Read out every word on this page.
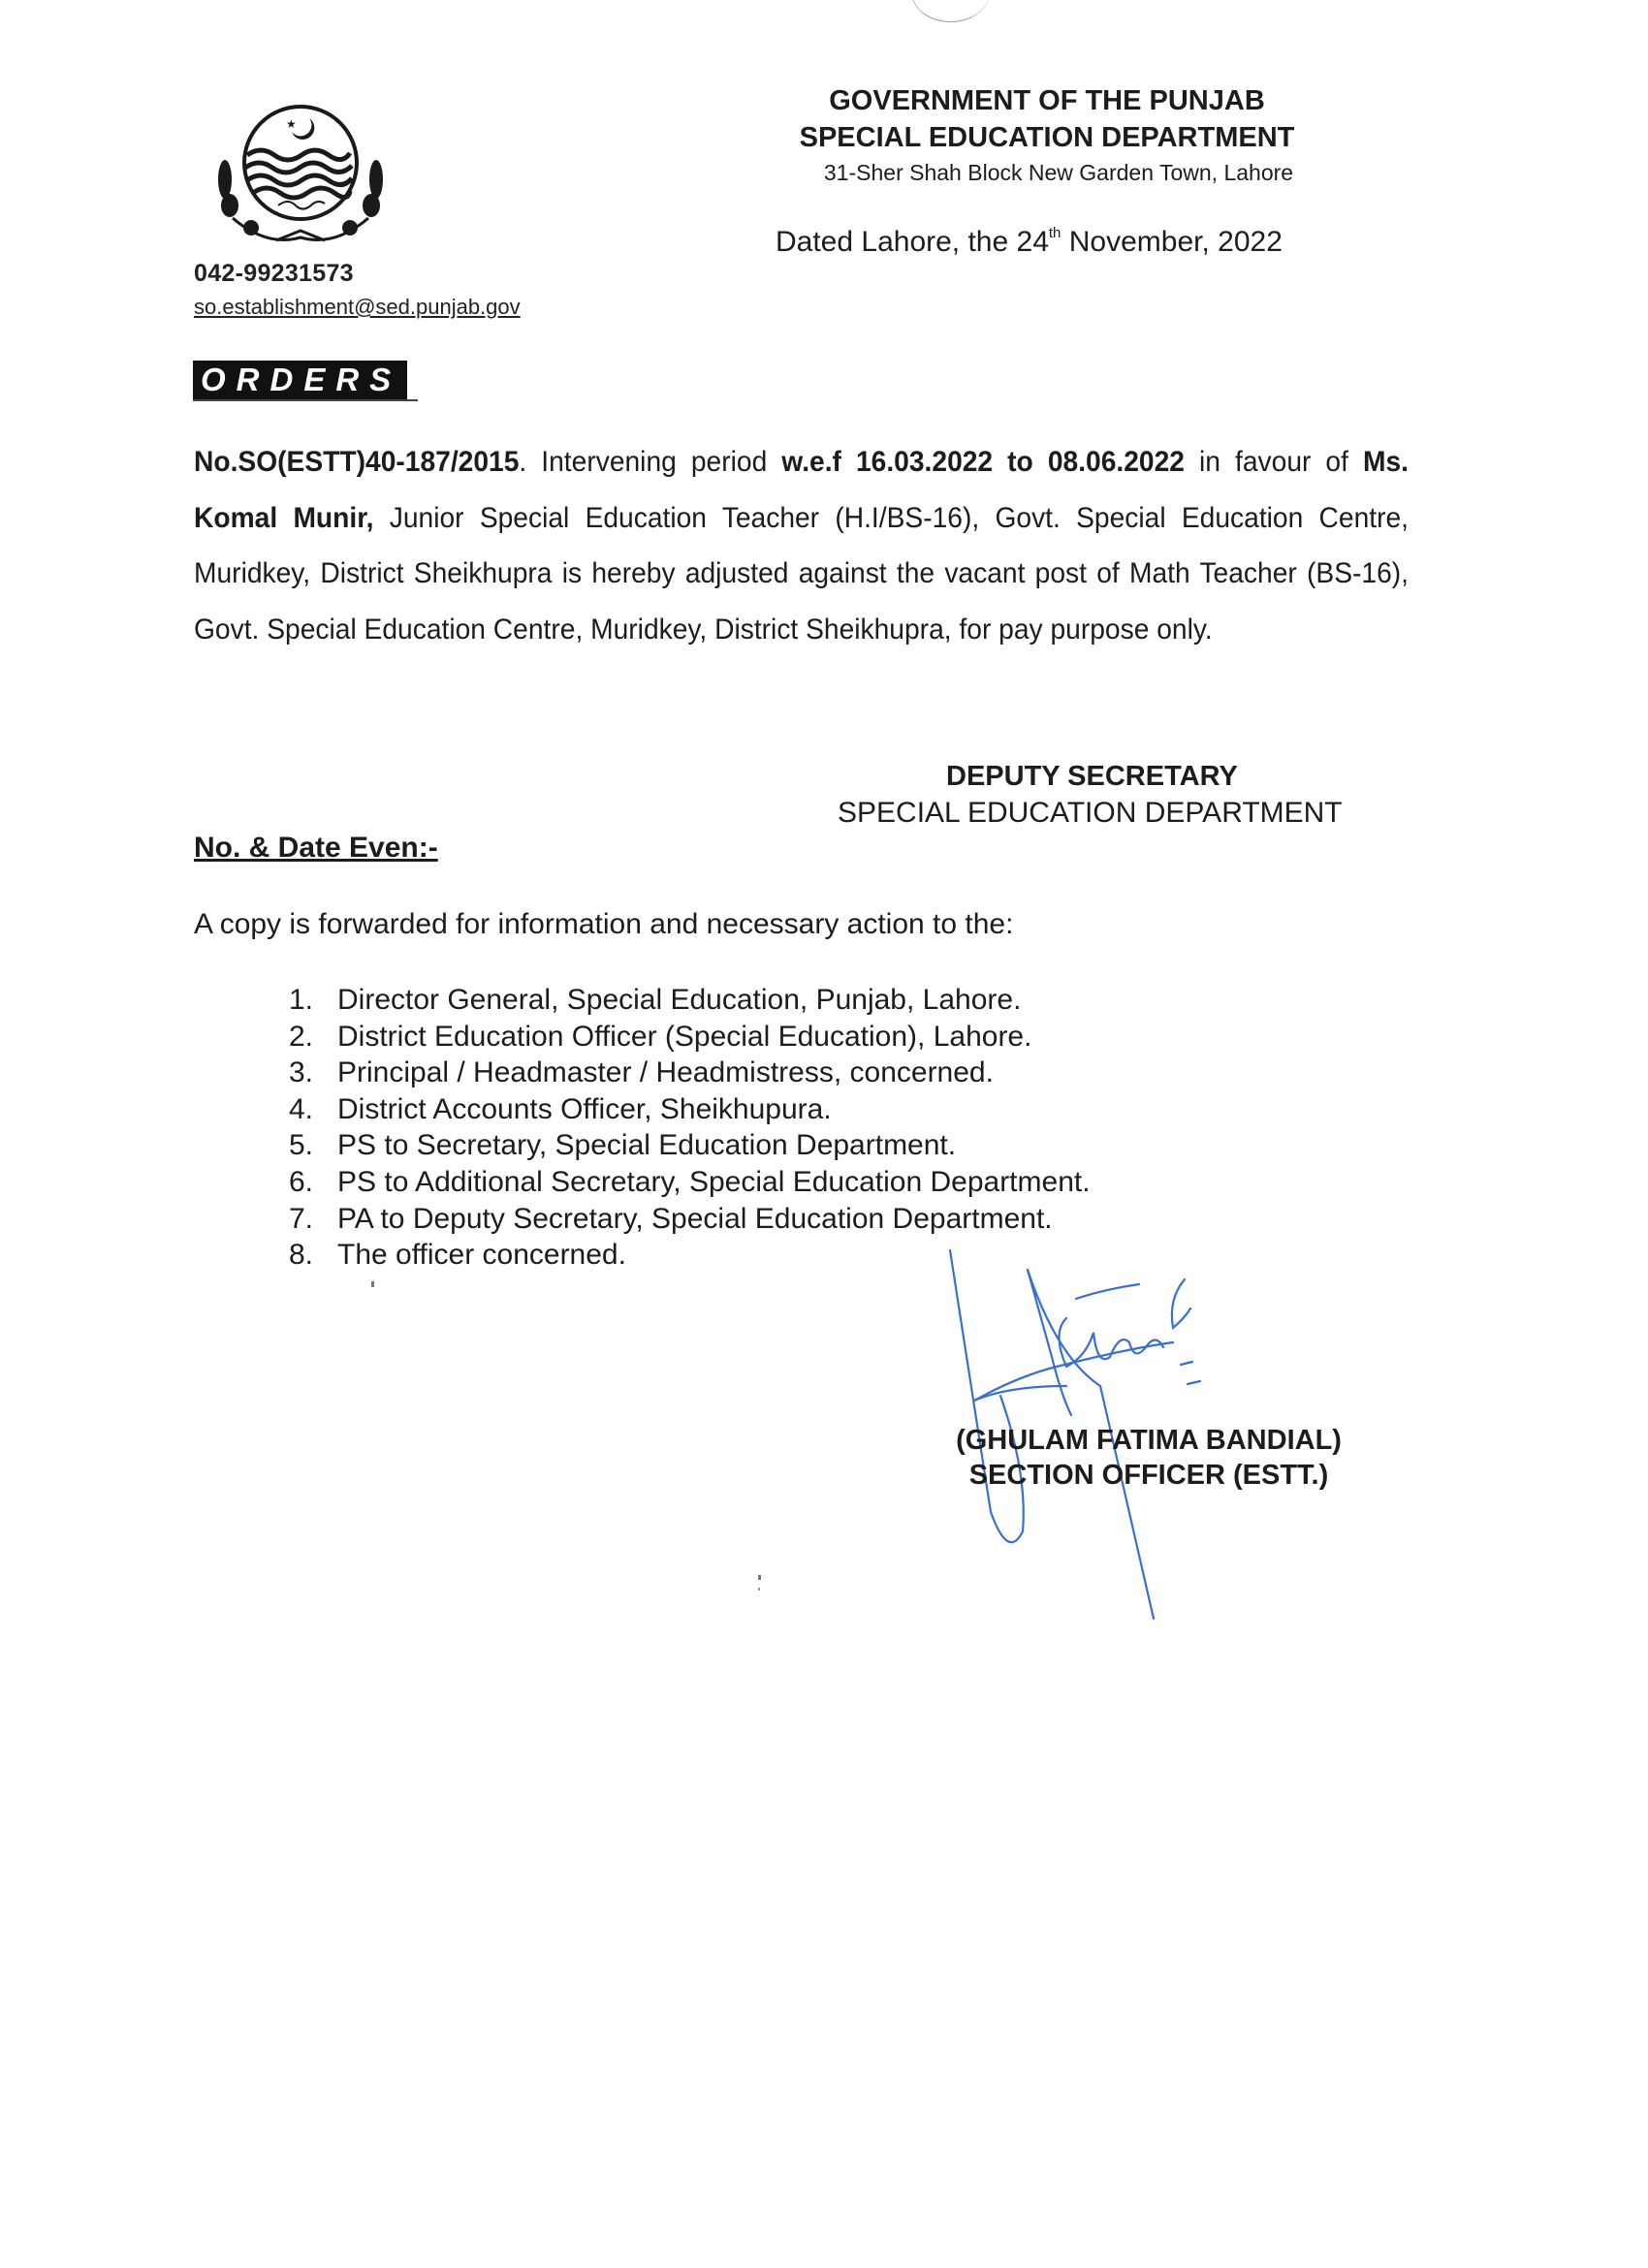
★
042-99231573
so.establishment@sed.punjab.gov
GOVERNMENT OF THE PUNJAB
SPECIAL EDUCATION DEPARTMENT
31-Sher Shah Block New Garden Town, Lahore
Dated Lahore, the 24th November, 2022
ORDERS
No.SO(ESTT)40-187/2015. Intervening period w.e.f 16.03.2022 to 08.06.2022 in favour of Ms. Komal Munir, Junior Special Education Teacher (H.I/BS-16), Govt. Special Education Centre, Muridkey, District Sheikhupra is hereby adjusted against the vacant post of Math Teacher (BS-16), Govt. Special Education Centre, Muridkey, District Sheikhupra, for pay purpose only.
DEPUTY SECRETARY
SPECIAL EDUCATION DEPARTMENT
No. & Date Even:-
A copy is forwarded for information and necessary action to the:
1. Director General, Special Education, Punjab, Lahore.
2. District Education Officer (Special Education), Lahore.
3. Principal / Headmaster / Headmistress, concerned.
4. District Accounts Officer, Sheikhupura.
5. PS to Secretary, Special Education Department.
6. PS to Additional Secretary, Special Education Department.
7. PA to Deputy Secretary, Special Education Department.
8. The officer concerned.
(GHULAM FATIMA BANDIAL)
SECTION OFFICER (ESTT.)
